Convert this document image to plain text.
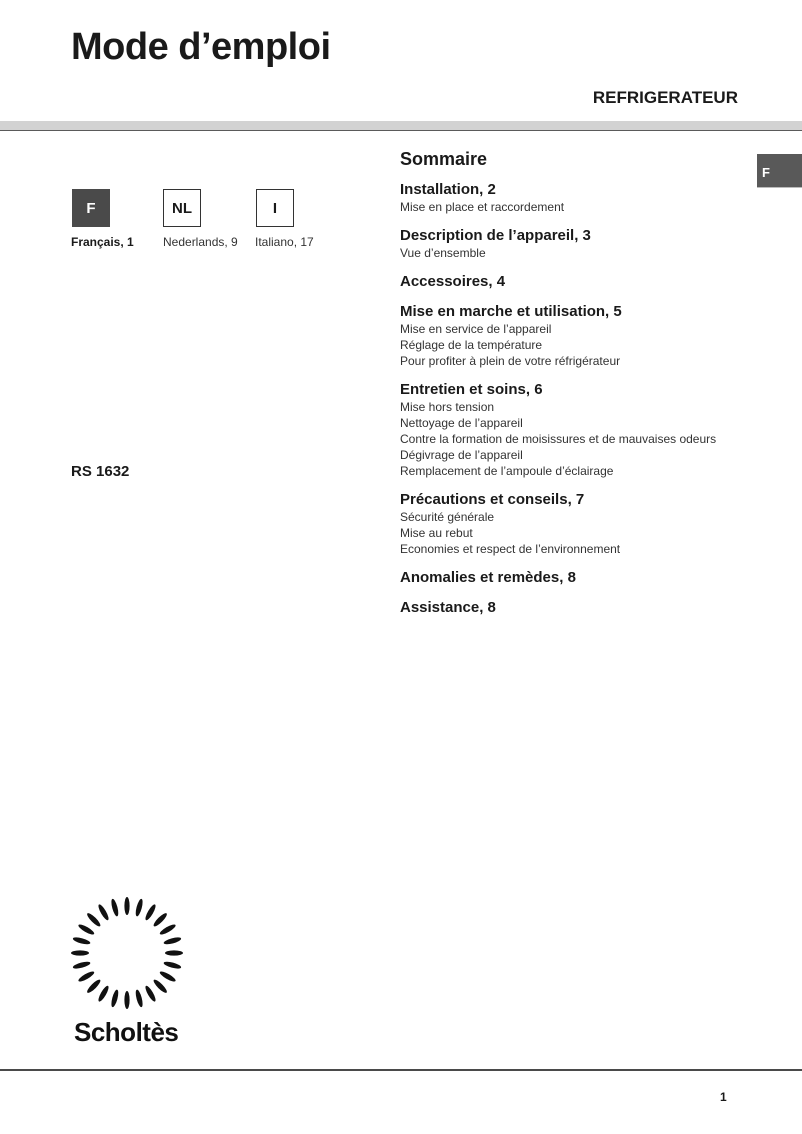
Mode d’emploi
REFRIGERATEUR
F	NL	I
Français, 1 Nederlands, 9 Italiano, 17
RS 1632
F
Sommaire
Installation, 2
Mise en place et raccordement
Description de l’appareil, 3
Vue d’ensemble
Accessoires, 4
Mise en marche et utilisation, 5
Mise en service de l’appareil
Réglage de la température
Pour profiter à plein de votre réfrigérateur
Entretien et soins, 6
Mise hors tension
Nettoyage de l’appareil
Contre la formation de moisissures et de mauvaises odeurs
Dégivrage de l’appareil
Remplacement de l’ampoule d’éclairage
Précautions et conseils, 7
Sécurité générale
Mise au rebut
Economies et respect de l’environnement
Anomalies et remèdes, 8
Assistance, 8
Scholtès
1
